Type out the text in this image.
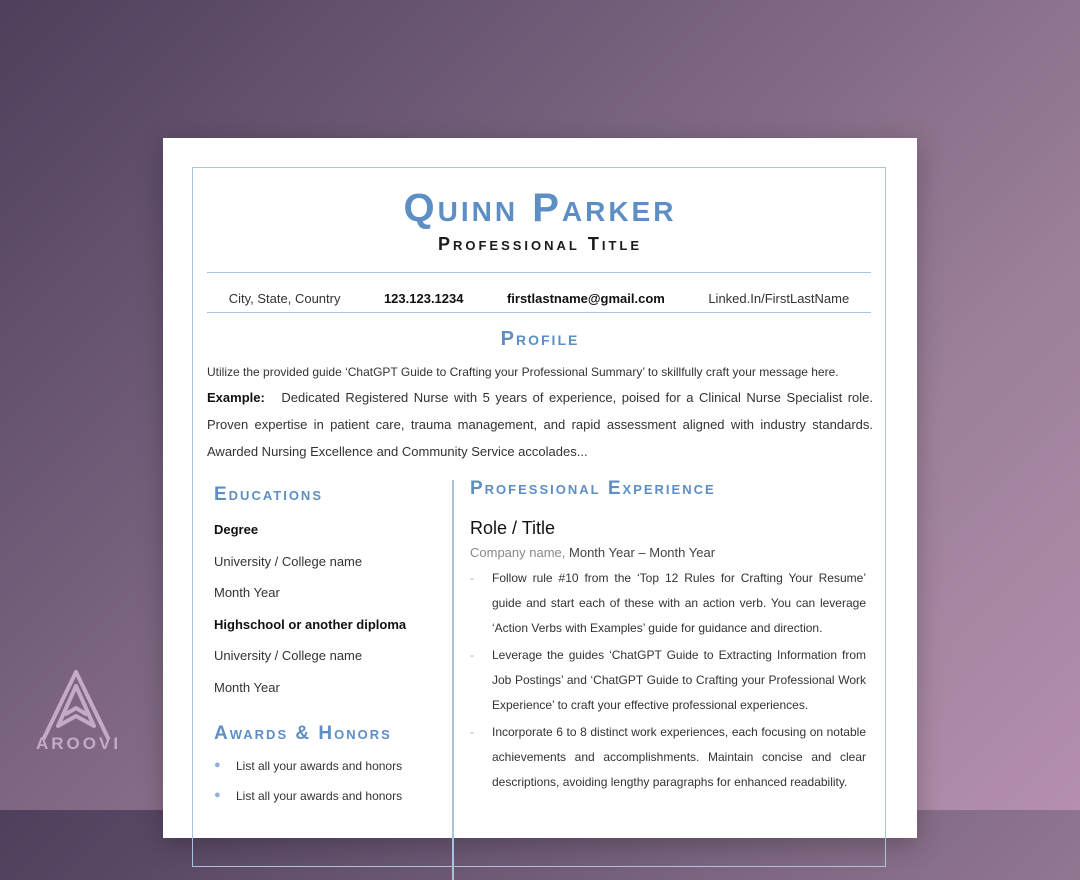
Quinn Parker
Professional Title
City, State, Country	123.123.1234	firstlastname@gmail.com	Linked.In/FirstLastName
Profile
Utilize the provided guide ‘ChatGPT Guide to Crafting your Professional Summary’ to skillfully craft your message here.
Example: Dedicated Registered Nurse with 5 years of experience, poised for a Clinical Nurse Specialist role. Proven expertise in patient care, trauma management, and rapid assessment aligned with industry standards. Awarded Nursing Excellence and Community Service accolades...
Educations
Degree
University / College name
Month Year
Highschool or another diploma
University / College name
Month Year
Awards & Honors
●	List all your awards and honors
●	List all your awards and honors
Professional Experience
Role / Title
Company name, Month Year – Month Year
-	Follow rule #10 from the ‘Top 12 Rules for Crafting Your Resume’ guide and start each of these with an action verb. You can leverage ‘Action Verbs with Examples’ guide for guidance and direction.
-	Leverage the guides ‘ChatGPT Guide to Extracting Information from Job Postings’ and ‘ChatGPT Guide to Crafting your Professional Work Experience’ to craft your effective professional experiences.
-	Incorporate 6 to 8 distinct work experiences, each focusing on notable achievements and accomplishments. Maintain concise and clear descriptions, avoiding lengthy paragraphs for enhanced readability.
AROOVI
